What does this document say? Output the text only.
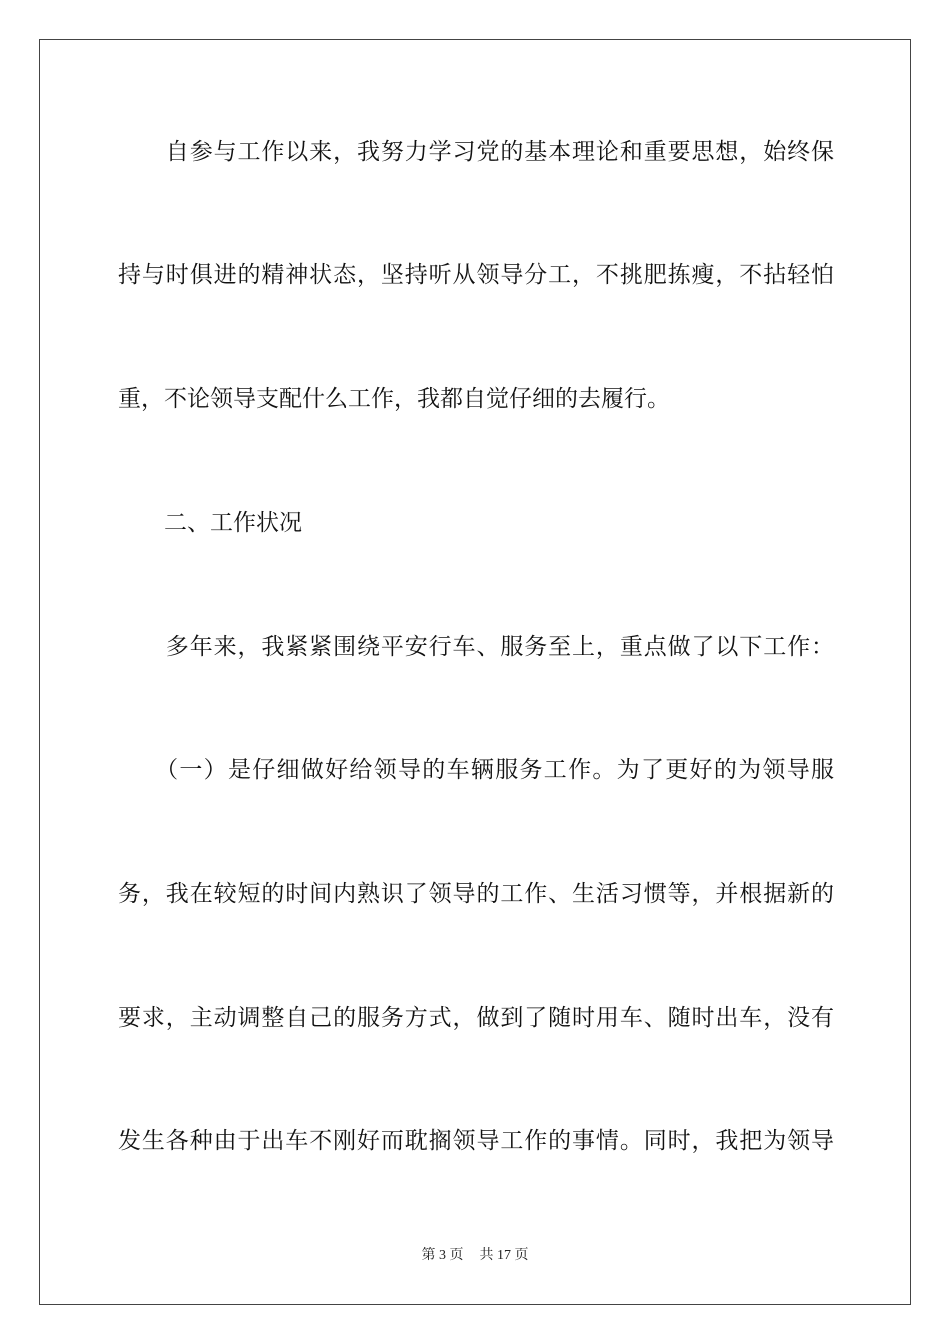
　　自参与工作以来，我努力学习党的基本理论和重要思想，始终保
持与时俱进的精神状态，坚持听从领导分工，不挑肥拣瘦，不拈轻怕
重，不论领导支配什么工作，我都自觉仔细的去履行。
　　二、工作状况
　　多年来，我紧紧围绕平安行车、服务至上，重点做了以下工作：
　　（一）是仔细做好给领导的车辆服务工作。为了更好的为领导服
务，我在较短的时间内熟识了领导的工作、生活习惯等，并根据新的
要求，主动调整自己的服务方式，做到了随时用车、随时出车，没有
发生各种由于出车不刚好而耽搁领导工作的事情。同时，我把为领导
第 3 页 共 17 页
